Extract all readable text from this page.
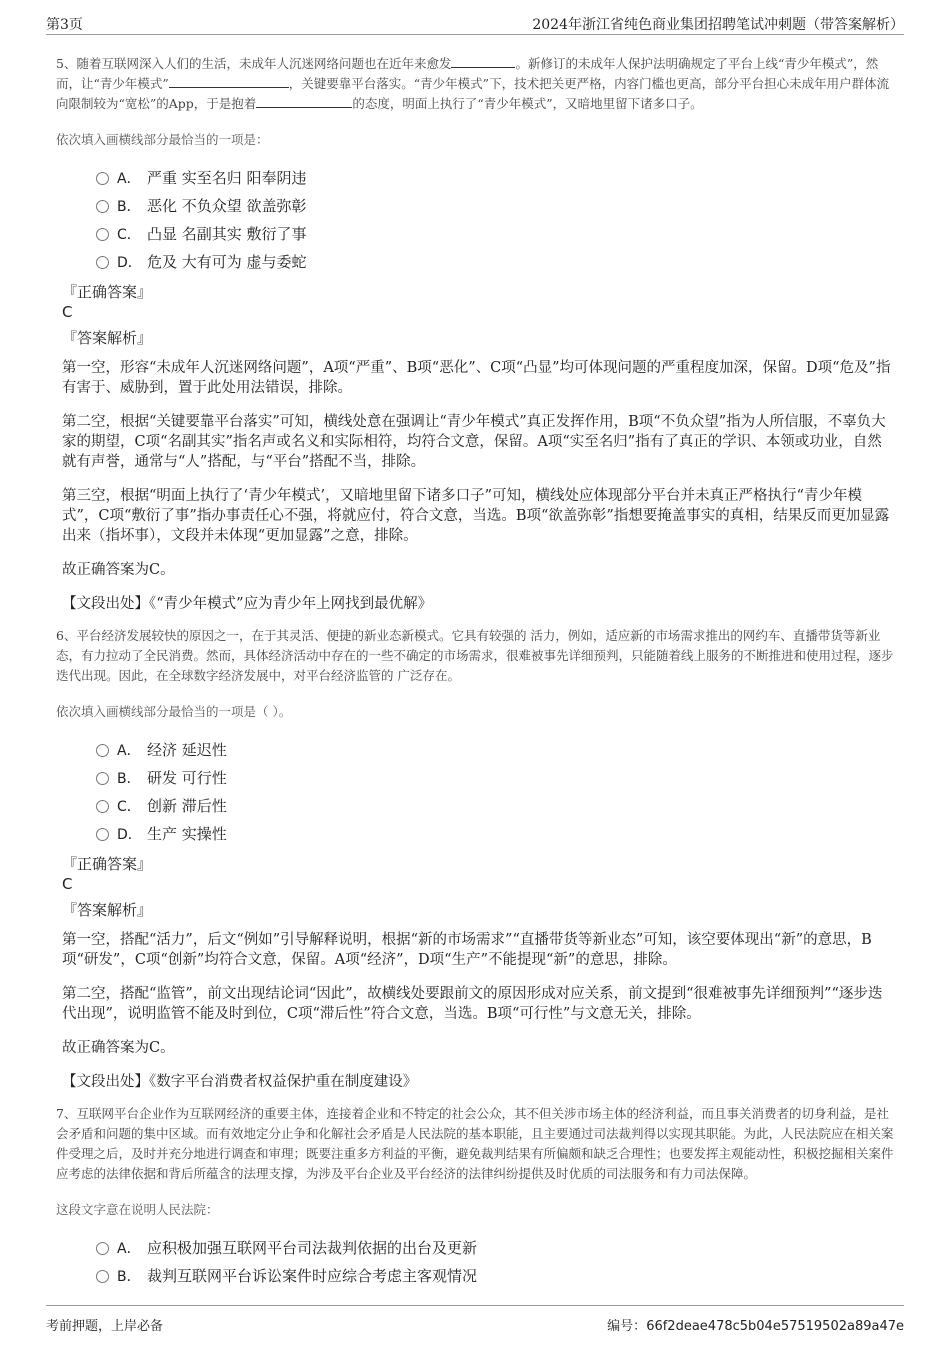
第3页	2024年浙江省纯色商业集团招聘笔试冲刺题（带答案解析）

5、随着互联网深入人们的生活，未成年人沉迷网络问题也在近年来愈发	。新修订的未成年人保护法明确规定了平台上线“青少年模式”，然而，让“青少年模式”	，关键要靠平台落实。“青少年模式”下，技术把关更严格，内容门槛也更高，部分平台担心未成年用户群体流向限制较为“宽松”的App，于是抱着	的态度，明面上执行了“青少年模式”，又暗地里留下诸多口子。

依次填入画横线部分最恰当的一项是：

A． 严重 实至名归 阳奉阴违
B． 恶化 不负众望 欲盖弥彰
C． 凸显 名副其实 敷衍了事
D． 危及 大有可为 虚与委蛇
『正确答案』
C
『答案解析』

第一空，形容“未成年人沉迷网络问题”，A项“严重”、B项“恶化”、C项“凸显”均可体现问题的严重程度加深，保留。D项“危及”指有害于、威胁到，置于此处用法错误，排除。

第二空，根据“关键要靠平台落实”可知，横线处意在强调让“青少年模式”真正发挥作用，B项“不负众望”指为人所信服，不辜负大家的期望，C项“名副其实”指名声或名义和实际相符，均符合文意，保留。A项“实至名归”指有了真正的学识、本领或功业，自然就有声誉，通常与“人”搭配，与“平台”搭配不当，排除。

第三空，根据“明面上执行了‘青少年模式’，又暗地里留下诸多口子”可知，横线处应体现部分平台并未真正严格执行“青少年模式”，C项“敷衍了事”指办事责任心不强，将就应付，符合文意，当选。B项“欲盖弥彰”指想要掩盖事实的真相，结果反而更加显露出来（指坏事），文段并未体现“更加显露”之意，排除。

故正确答案为C。

【文段出处】《“青少年模式”应为青少年上网找到最优解》

6、平台经济发展较快的原因之一，在于其灵活、便捷的新业态新模式。它具有较强的 活力，例如，适应新的市场需求推出的网约车、直播带货等新业态，有力拉动了全民消费。然而，具体经济活动中存在的一些不确定的市场需求，很难被事先详细预判，只能随着线上服务的不断推进和使用过程，逐步迭代出现。因此，在全球数字经济发展中，对平台经济监管的 广泛存在。

依次填入画横线部分最恰当的一项是（ ）。

A． 经济 延迟性
B． 研发 可行性
C． 创新 滞后性
D． 生产 实操性
『正确答案』
C
『答案解析』

第一空，搭配“活力”，后文“例如”引导解释说明，根据“新的市场需求”“直播带货等新业态”可知，该空要体现出“新”的意思，B项“研发”，C项“创新”均符合文意，保留。A项“经济”，D项“生产”不能提现“新”的意思，排除。

第二空，搭配“监管”，前文出现结论词“因此”，故横线处要跟前文的原因形成对应关系，前文提到“很难被事先详细预判”“逐步迭代出现”，说明监管不能及时到位，C项“滞后性”符合文意，当选。B项“可行性”与文意无关，排除。

故正确答案为C。

【文段出处】《数字平台消费者权益保护重在制度建设》

7、互联网平台企业作为互联网经济的重要主体，连接着企业和不特定的社会公众，其不但关涉市场主体的经济利益，而且事关消费者的切身利益，是社会矛盾和问题的集中区域。而有效地定分止争和化解社会矛盾是人民法院的基本职能，且主要通过司法裁判得以实现其职能。为此，人民法院应在相关案件受理之后，及时并充分地进行调查和审理；既要注重多方利益的平衡，避免裁判结果有所偏颇和缺乏合理性；也要发挥主观能动性，积极挖掘相关案件应考虑的法律依据和背后所蕴含的法理支撑，为涉及平台企业及平台经济的法律纠纷提供及时优质的司法服务和有力司法保障。

这段文字意在说明人民法院：

A． 应积极加强互联网平台司法裁判依据的出台及更新
B． 裁判互联网平台诉讼案件时应综合考虑主客观情况
考前押题，上岸必备	编号：66f2deae478c5b04e57519502a89a47e
